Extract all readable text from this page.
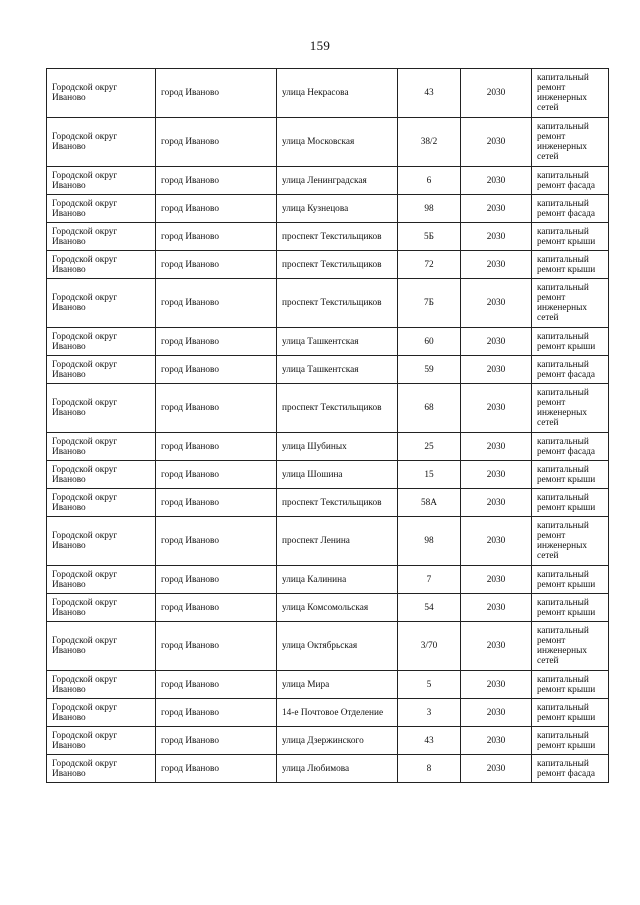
159
Городской округ Иваново	город Иваново	улица Некрасова	43	2030	капитальный ремонт инженерных сетей
Городской округ Иваново	город Иваново	улица Московская	38/2	2030	капитальный ремонт инженерных сетей
Городской округ Иваново	город Иваново	улица Ленинградская	6	2030	капитальный ремонт фасада
Городской округ Иваново	город Иваново	улица Кузнецова	98	2030	капитальный ремонт фасада
Городской округ Иваново	город Иваново	проспект Текстильщиков	5Б	2030	капитальный ремонт крыши
Городской округ Иваново	город Иваново	проспект Текстильщиков	72	2030	капитальный ремонт крыши
Городской округ Иваново	город Иваново	проспект Текстильщиков	7Б	2030	капитальный ремонт инженерных сетей
Городской округ Иваново	город Иваново	улица Ташкентская	60	2030	капитальный ремонт крыши
Городской округ Иваново	город Иваново	улица Ташкентская	59	2030	капитальный ремонт фасада
Городской округ Иваново	город Иваново	проспект Текстильщиков	68	2030	капитальный ремонт инженерных сетей
Городской округ Иваново	город Иваново	улица Шубиных	25	2030	капитальный ремонт фасада
Городской округ Иваново	город Иваново	улица Шошина	15	2030	капитальный ремонт крыши
Городской округ Иваново	город Иваново	проспект Текстильщиков	58А	2030	капитальный ремонт крыши
Городской округ Иваново	город Иваново	проспект Ленина	98	2030	капитальный ремонт инженерных сетей
Городской округ Иваново	город Иваново	улица Калинина	7	2030	капитальный ремонт крыши
Городской округ Иваново	город Иваново	улица Комсомольская	54	2030	капитальный ремонт крыши
Городской округ Иваново	город Иваново	улица Октябрьская	3/70	2030	капитальный ремонт инженерных сетей
Городской округ Иваново	город Иваново	улица Мира	5	2030	капитальный ремонт крыши
Городской округ Иваново	город Иваново	14-е Почтовое Отделение	3	2030	капитальный ремонт крыши
Городской округ Иваново	город Иваново	улица Дзержинского	43	2030	капитальный ремонт крыши
Городской округ Иваново	город Иваново	улица Любимова	8	2030	капитальный ремонт фасада
